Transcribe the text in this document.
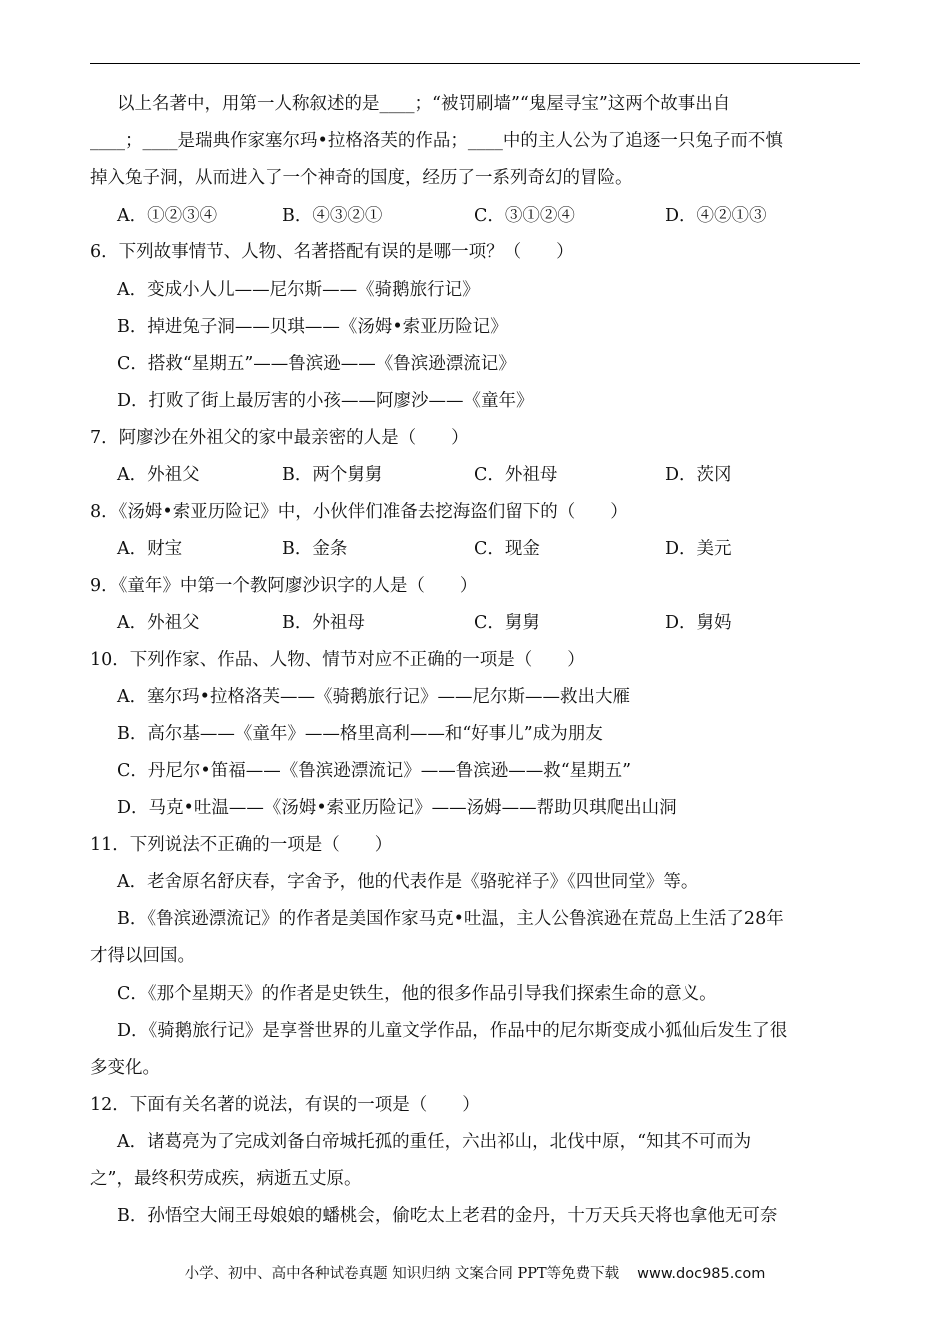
以上名著中，用第一人称叙述的是____；“被罚刷墙”“鬼屋寻宝”这两个故事出自
____；____是瑞典作家塞尔玛•拉格洛芙的作品；____中的主人公为了追逐一只兔子而不慎
掉入兔子洞，从而进入了一个神奇的国度，经历了一系列奇幻的冒险。
A．①②③④	B．④③②①	C．③①②④	D．④②①③
6．下列故事情节、人物、名著搭配有误的是哪一项？（　　）
A．变成小人儿——尼尔斯——《骑鹅旅行记》
B．掉进兔子洞——贝琪——《汤姆•索亚历险记》
C．搭救“星期五”——鲁滨逊——《鲁滨逊漂流记》
D．打败了街上最厉害的小孩——阿廖沙——《童年》
7．阿廖沙在外祖父的家中最亲密的人是（　　）
A．外祖父	B．两个舅舅	C．外祖母	D．茨冈
8．《汤姆•索亚历险记》中，小伙伴们准备去挖海盗们留下的（　　）
A．财宝	B．金条	C．现金	D．美元
9．《童年》中第一个教阿廖沙识字的人是（　　）
A．外祖父	B．外祖母	C．舅舅	D．舅妈
10．下列作家、作品、人物、情节对应不正确的一项是（　　）
A．塞尔玛•拉格洛芙——《骑鹅旅行记》——尼尔斯——救出大雁
B．高尔基——《童年》——格里高利——和“好事儿”成为朋友
C．丹尼尔•笛福——《鲁滨逊漂流记》——鲁滨逊——救“星期五”
D．马克•吐温——《汤姆•索亚历险记》——汤姆——帮助贝琪爬出山洞
11．下列说法不正确的一项是（　　）
A．老舍原名舒庆春，字舍予，他的代表作是《骆驼祥子》《四世同堂》等。
B．《鲁滨逊漂流记》的作者是美国作家马克•吐温，主人公鲁滨逊在荒岛上生活了28年
才得以回国。
C．《那个星期天》的作者是史铁生，他的很多作品引导我们探索生命的意义。
D．《骑鹅旅行记》是享誉世界的儿童文学作品，作品中的尼尔斯变成小狐仙后发生了很
多变化。
12．下面有关名著的说法，有误的一项是（　　）
A．诸葛亮为了完成刘备白帝城托孤的重任，六出祁山，北伐中原，“知其不可而为
之”，最终积劳成疾，病逝五丈原。
B．孙悟空大闹王母娘娘的蟠桃会，偷吃太上老君的金丹，十万天兵天将也拿他无可奈
小学、初中、高中各种试卷真题 知识归纳 文案合同 PPT等免费下载 www.doc985.com
